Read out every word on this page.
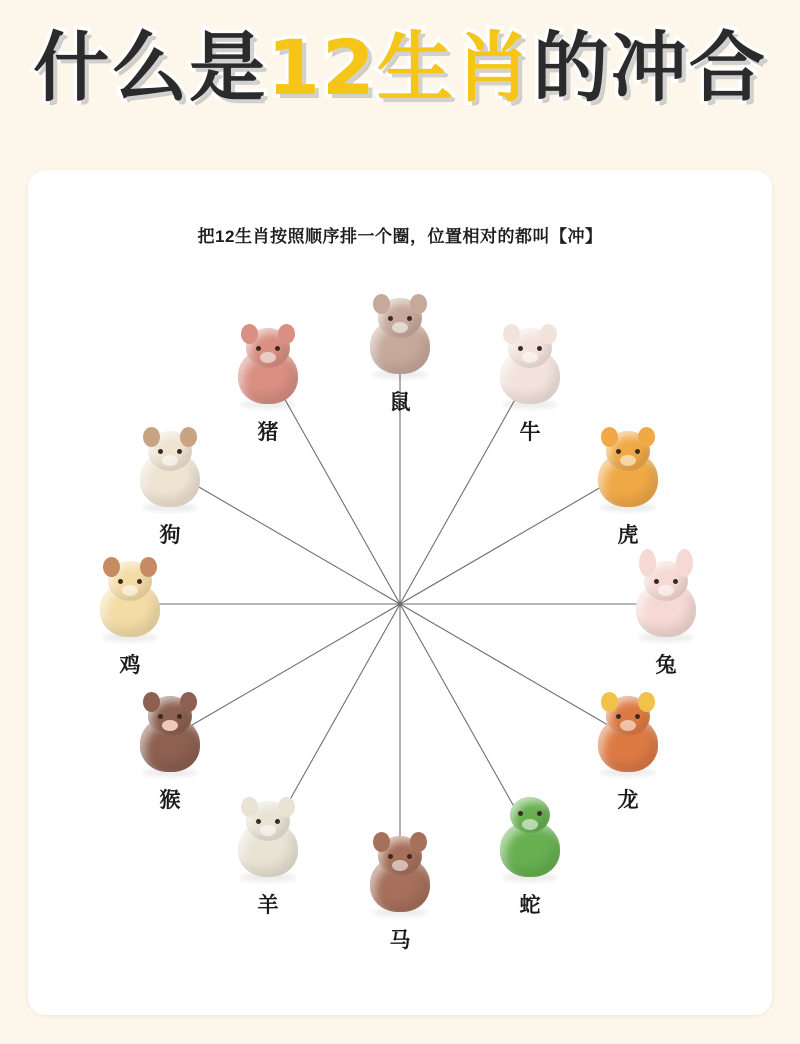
什么是12生肖的冲合
把12生肖按照顺序排一个圈，位置相对的都叫【冲】
鼠
牛
虎
兔
龙
蛇
马
羊
猴
鸡
狗
猪
